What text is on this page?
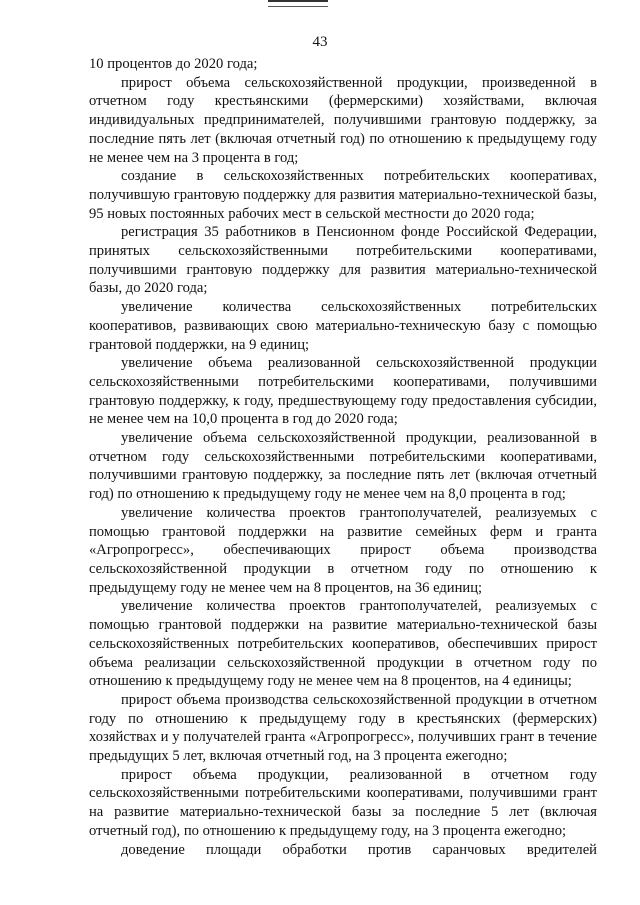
43

10 процентов до 2020 года;

прирост объема сельскохозяйственной продукции, произведенной в отчетном году крестьянскими (фермерскими) хозяйствами, включая индивидуальных предпринимателей, получившими грантовую поддержку, за последние пять лет (включая отчетный год) по отношению к предыдущему году не менее чем на 3 процента в год;

создание в сельскохозяйственных потребительских кооперативах, получившую грантовую поддержку для развития материально-технической базы, 95 новых постоянных рабочих мест в сельской местности до 2020 года;

регистрация 35 работников в Пенсионном фонде Российской Федерации, принятых сельскохозяйственными потребительскими кооперативами, получившими грантовую поддержку для развития материально-технической базы, до 2020 года;

увеличение количества сельскохозяйственных потребительских кооперативов, развивающих свою материально-техническую базу с помощью грантовой поддержки, на 9 единиц;

увеличение объема реализованной сельскохозяйственной продукции сельскохозяйственными потребительскими кооперативами, получившими грантовую поддержку, к году, предшествующему году предоставления субсидии, не менее чем на 10,0 процента в год до 2020 года;

увеличение объема сельскохозяйственной продукции, реализованной в отчетном году сельскохозяйственными потребительскими кооперативами, получившими грантовую поддержку, за последние пять лет (включая отчетный год) по отношению к предыдущему году не менее чем на 8,0 процента в год;

увеличение количества проектов грантополучателей, реализуемых с помощью грантовой поддержки на развитие семейных ферм и гранта «Агропрогресс», обеспечивающих прирост объема производства сельскохозяйственной продукции в отчетном году по отношению к предыдущему году не менее чем на 8 процентов, на 36 единиц;

увеличение количества проектов грантополучателей, реализуемых с помощью грантовой поддержки на развитие материально-технической базы сельскохозяйственных потребительских кооперативов, обеспечивших прирост объема реализации сельскохозяйственной продукции в отчетном году по отношению к предыдущему году не менее чем на 8 процентов, на 4 единицы;

прирост объема производства сельскохозяйственной продукции в отчетном году по отношению к предыдущему году в крестьянских (фермерских) хозяйствах и у получателей гранта «Агропрогресс», получивших грант в течение предыдущих 5 лет, включая отчетный год, на 3 процента ежегодно;

прирост объема продукции, реализованной в отчетном году сельскохозяйственными потребительскими кооперативами, получившими грант на развитие материально-технической базы за последние 5 лет (включая отчетный год), по отношению к предыдущему году, на 3 процента ежегодно;

доведение площади обработки против саранчовых вредителей
